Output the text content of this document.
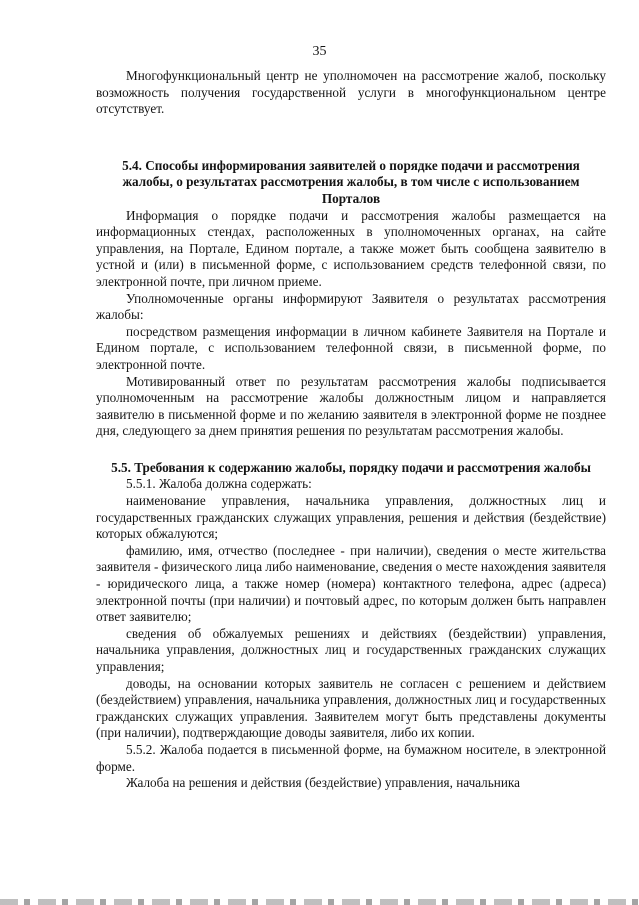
35

Многофункциональный центр не уполномочен на рассмотрение жалоб, поскольку возможность получения государственной услуги в многофункциональном центре отсутствует.

5.4. Способы информирования заявителей о порядке подачи и рассмотрения жалобы, о результатах рассмотрения жалобы, в том числе с использованием Порталов

Информация о порядке подачи и рассмотрения жалобы размещается на информационных стендах, расположенных в уполномоченных органах, на сайте управления, на Портале, Едином портале, а также может быть сообщена заявителю в устной и (или) в письменной форме, с использованием средств телефонной связи, по электронной почте, при личном приеме.

Уполномоченные органы информируют Заявителя о результатах рассмотрения жалобы:

посредством размещения информации в личном кабинете Заявителя на Портале и Едином портале, с использованием телефонной связи, в письменной форме, по электронной почте.

Мотивированный ответ по результатам рассмотрения жалобы подписывается уполномоченным на рассмотрение жалобы должностным лицом и направляется заявителю в письменной форме и по желанию заявителя в электронной форме не позднее дня, следующего за днем принятия решения по результатам рассмотрения жалобы.

5.5. Требования к содержанию жалобы, порядку подачи и рассмотрения жалобы

5.5.1. Жалоба должна содержать:

наименование управления, начальника управления, должностных лиц и государственных гражданских служащих управления, решения и действия (бездействие) которых обжалуются;

фамилию, имя, отчество (последнее - при наличии), сведения о месте жительства заявителя - физического лица либо наименование, сведения о месте нахождения заявителя - юридического лица, а также номер (номера) контактного телефона, адрес (адреса) электронной почты (при наличии) и почтовый адрес, по которым должен быть направлен ответ заявителю;

сведения об обжалуемых решениях и действиях (бездействии) управления, начальника управления, должностных лиц и государственных гражданских служащих управления;

доводы, на основании которых заявитель не согласен с решением и действием (бездействием) управления, начальника управления, должностных лиц и государственных гражданских служащих управления. Заявителем могут быть представлены документы (при наличии), подтверждающие доводы заявителя, либо их копии.

5.5.2. Жалоба подается в письменной форме, на бумажном носителе, в электронной форме.

Жалоба на решения и действия (бездействие) управления, начальника
